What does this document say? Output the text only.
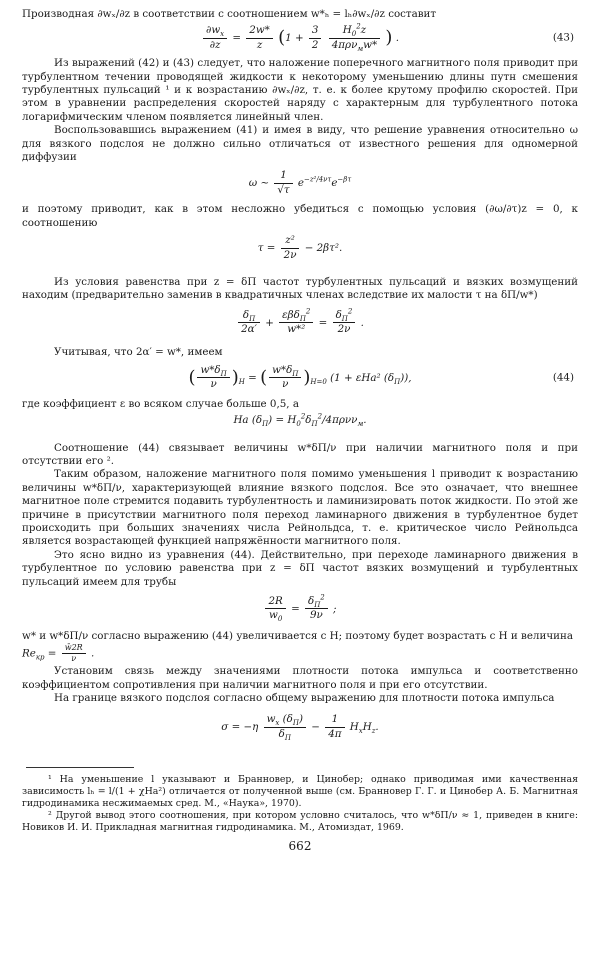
Производная ∂wₓ/∂z в соответствии с соотношением w*ₕ = lₕ∂wₓ/∂z составит

$\frac{\partial w_x}{\partial z} = \frac{2w*}{z} (1 + \frac{3}{2}$
$\frac{H_0^2z}{4\pi\rho\nu_мw*}$ ) .	(43)

Из выражений (42) и (43) следует, что наложение поперечного магнитного поля приводит при турбулентном течении проводящей жидкости к некоторому уменьшению длины путн смешения турбулентных пульсаций ¹ и к возрастанию ∂wₓ/∂z, т. е. к более крутому профилю скоростей. При этом в уравнении распределения скоростей наряду с характерным для турбулентного потока логарифмическим членом появляется линейный член.

Воспользовавшись выражением (41) и имея в виду, что решение уравнения относительно ω для вязкого подслоя не должно сильно отличаться от известного решения для одномерной диффузии

ω ∼ $\frac{1}{√\tau} e^{-z^2/4\nu\tau}e^{-\beta\tau}$

и поэтому приводит, как в этом несложно убедиться с помощью условия (∂ω/∂τ)ᴢ = 0, к соотношению

$\tau = \frac{\text{z²}}{2\nu} - 2\beta\tau^2$.

Из условия равенства при z = δП частот турбулентных пульсаций и вязких возмущений находим (предварительно заменив в квадратичных членах вследствие их малости τ на δП/w*)

$\frac{\delta_П}{2\alpha'} + \frac{\varepsilon\beta\delta_П^2}{\text{w*²}} = \frac{\delta_П^2}{2\nu}$ .

Учитывая, что 2α′ = w*, имеем

( $\frac{w*\delta_П}{\nu} )_H$ = ( $\frac{w*\delta_П}{\nu} )_{H=0}$ (1 + εHa² $(\delta_П)$),	(44)

где коэффициент ε во всяком случае больше 0,5, а

Ha $(\delta_П) = H_0^2\delta_П^2/4\pi\rho\nu\nu_м$.

Соотношение (44) связывает величины w*δП/ν при наличии магнитного поля и при отсутствии его ².

Таким образом, наложение магнитного поля помимо уменьшения l приводит к возрастанию величины w*δП/ν, характеризующей влияние вязкого подслоя. Все это означает, что внешнее магнитное поле стремится подавить турбулентность и ламинизировать поток жидкости. По этой же причине в присутствии магнитного поля переход ламинарного движения в турбулентное будет происходить при больших значениях числа Рейнольдса, т. е. критическое число Рейнольдса является возрастающей функцией напряжённости магнитного поля.

Это ясно видно из уравнения (44). Действительно, при переходе ламинарного движения в турбулентное по условию равенства при z = δП частот вязких возмущений и турбулентных пульсаций имеем для трубы

$\frac{2R}{w_0} = \frac{\delta_П^2}{9\nu}$ ;

w* и w*δП/ν согласно выражению (44) увеличивается с H; поэтому будет возрастать с H и величина

$Re_{кр} = \frac{w̄2R}{\nu}$ .

Установим связь между значениями плотности потока импульса и соответственно коэффициентом сопротивления при наличии магнитного поля и при его отсутствии.

На границе вязкого подслоя согласно общему выражению для плотности потока импульса

$\sigma = -\eta \frac{w_x (\delta_П)}{\delta_П} - \frac{1}{4\pi} H_xH_z$.

¹ На уменьшение l указывают и Бранновер, и Цинобер; однако приводимая ими качественная зависимость lₕ = l/(1 + χHa²) отличается от полученной выше (см. Бранновер Г. Г. и Цинобер А. Б. Магнитная гидродинамика несжимаемых сред. М., «Наука», 1970).

² Другой вывод этого соотношения, при котором условно считалось, что w*δП/ν ≈ 1, приведен в книге: Новиков И. И. Прикладная магнитная гидродинамика. М., Атомиздат, 1969.

662
